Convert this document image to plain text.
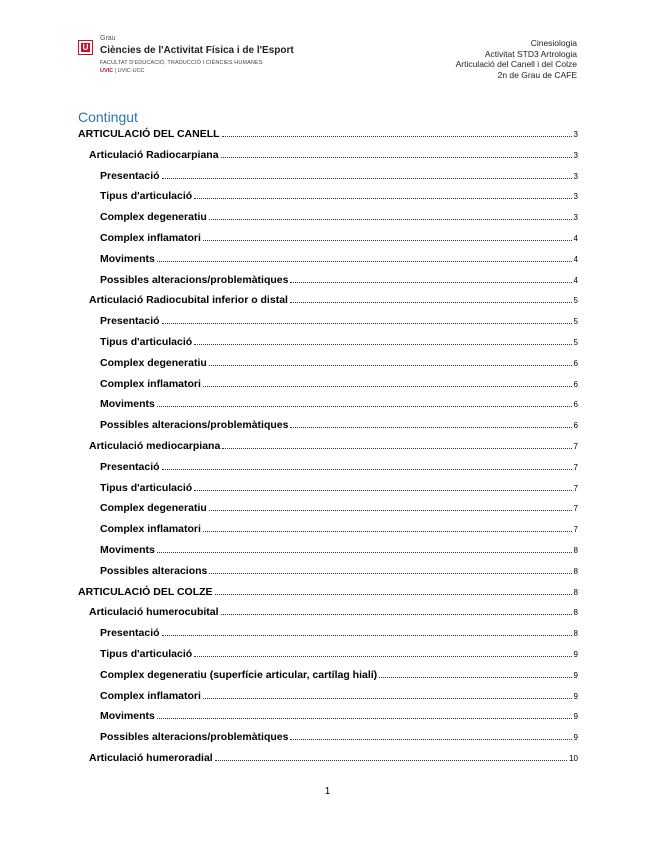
U
Grau
Ciències de l'Activitat Física i de l'Esport
FACULTAT D'EDUCACIÓ, TRADUCCIÓ I CIÈNCIES HUMANES
UVIC | UVIC-UCC
Cinesiologia
Activitat STD3 Artrologia
Articulació del Canell i del Colze
2n de Grau de CAFE
Contingut
ARTICULACIÓ DEL CANELL	3
Articulació Radiocarpiana	3
Presentació	3
Tipus d'articulació	3
Complex degeneratiu	3
Complex inflamatori	4
Moviments	4
Possibles alteracions/problemàtiques	4
Articulació Radiocubital inferior o distal	5
Presentació	5
Tipus d'articulació	5
Complex degeneratiu	6
Complex inflamatori	6
Moviments	6
Possibles alteracions/problemàtiques	6
Articulació mediocarpiana	7
Presentació	7
Tipus d'articulació	7
Complex degeneratiu	7
Complex inflamatori	7
Moviments	8
Possibles alteracions	8
ARTICULACIÓ DEL COLZE	8
Articulació humerocubital	8
Presentació	8
Tipus d'articulació	9
Complex degeneratiu (superfície articular, cartílag hialí)	9
Complex inflamatori	9
Moviments	9
Possibles alteracions/problemàtiques	9
Articulació humeroradial	10
1
